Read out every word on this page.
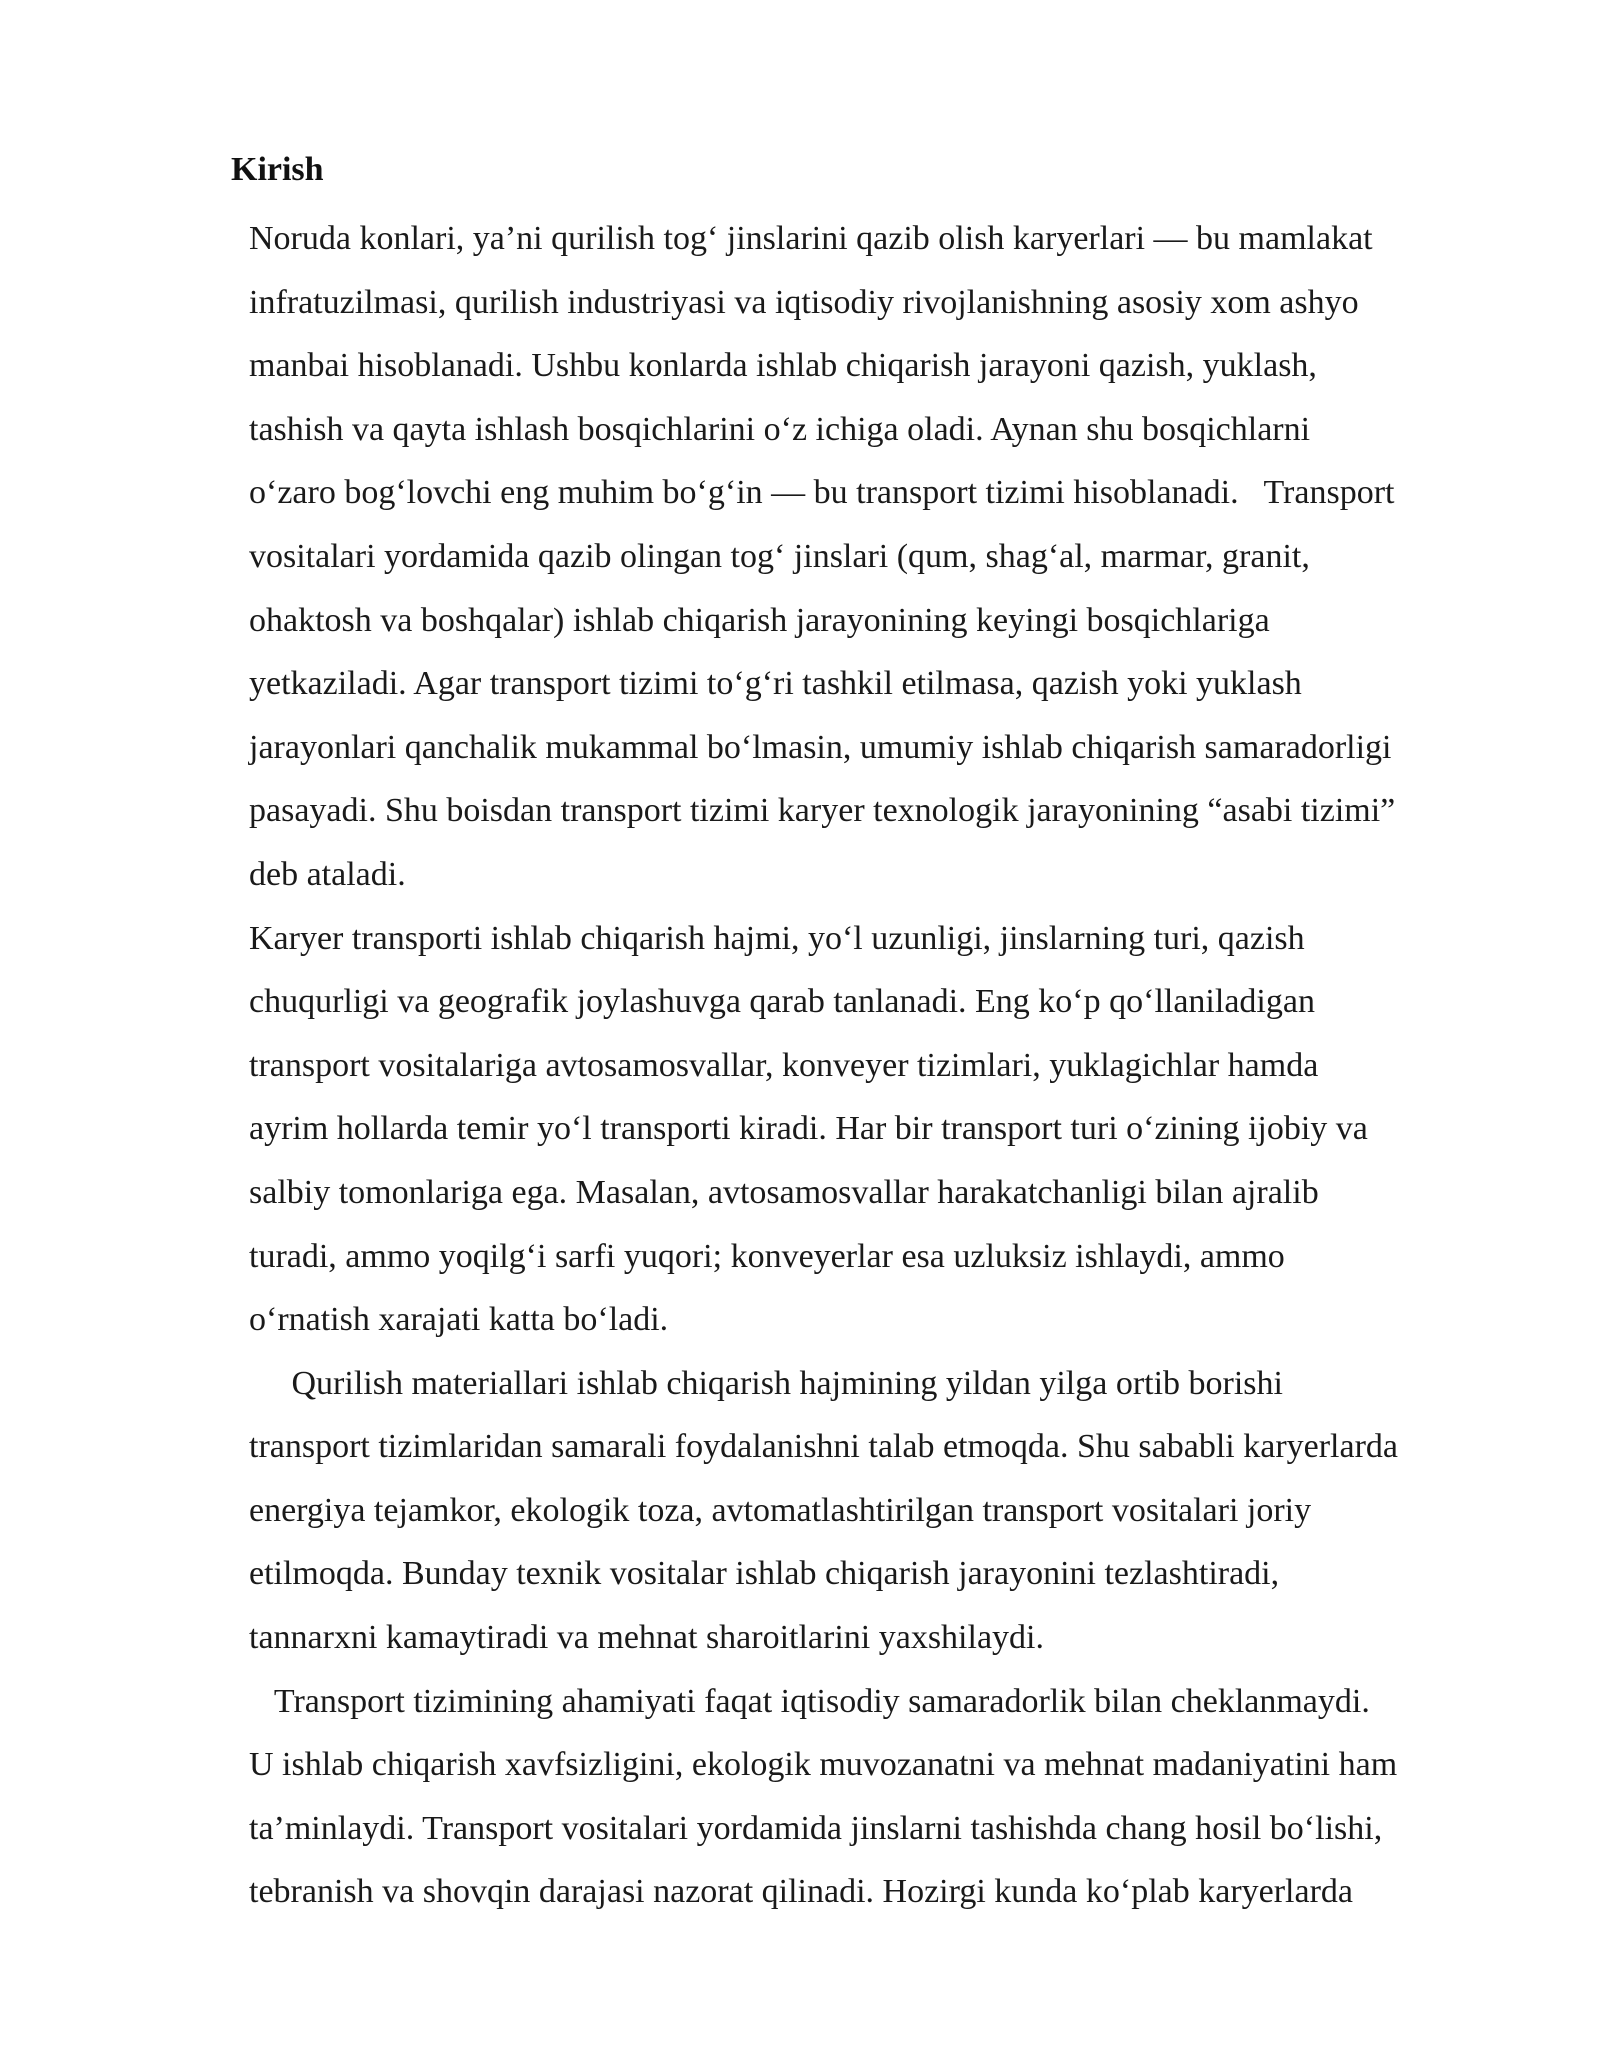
Kirish
Noruda konlari, ya’ni qurilish tog‘ jinslarini qazib olish karyerlari — bu mamlakat
infratuzilmasi, qurilish industriyasi va iqtisodiy rivojlanishning asosiy xom ashyo
manbai hisoblanadi. Ushbu konlarda ishlab chiqarish jarayoni qazish, yuklash,
tashish va qayta ishlash bosqichlarini o‘z ichiga oladi. Aynan shu bosqichlarni
o‘zaro bog‘lovchi eng muhim bo‘g‘in — bu transport tizimi hisoblanadi.   Transport
vositalari yordamida qazib olingan tog‘ jinslari (qum, shag‘al, marmar, granit,
ohaktosh va boshqalar) ishlab chiqarish jarayonining keyingi bosqichlariga
yetkaziladi. Agar transport tizimi to‘g‘ri tashkil etilmasa, qazish yoki yuklash
jarayonlari qanchalik mukammal bo‘lmasin, umumiy ishlab chiqarish samaradorligi
pasayadi. Shu boisdan transport tizimi karyer texnologik jarayonining “asabi tizimi”
deb ataladi.
Karyer transporti ishlab chiqarish hajmi, yo‘l uzunligi, jinslarning turi, qazish
chuqurligi va geografik joylashuvga qarab tanlanadi. Eng ko‘p qo‘llaniladigan
transport vositalariga avtosamosvallar, konveyer tizimlari, yuklagichlar hamda
ayrim hollarda temir yo‘l transporti kiradi. Har bir transport turi o‘zining ijobiy va
salbiy tomonlariga ega. Masalan, avtosamosvallar harakatchanligi bilan ajralib
turadi, ammo yoqilg‘i sarfi yuqori; konveyerlar esa uzluksiz ishlaydi, ammo
o‘rnatish xarajati katta bo‘ladi.
Qurilish materiallari ishlab chiqarish hajmining yildan yilga ortib borishi
transport tizimlaridan samarali foydalanishni talab etmoqda. Shu sababli karyerlarda
energiya tejamkor, ekologik toza, avtomatlashtirilgan transport vositalari joriy
etilmoqda. Bunday texnik vositalar ishlab chiqarish jarayonini tezlashtiradi,
tannarxni kamaytiradi va mehnat sharoitlarini yaxshilaydi.
Transport tizimining ahamiyati faqat iqtisodiy samaradorlik bilan cheklanmaydi.
U ishlab chiqarish xavfsizligini, ekologik muvozanatni va mehnat madaniyatini ham
ta’minlaydi. Transport vositalari yordamida jinslarni tashishda chang hosil bo‘lishi,
tebranish va shovqin darajasi nazorat qilinadi. Hozirgi kunda ko‘plab karyerlarda
